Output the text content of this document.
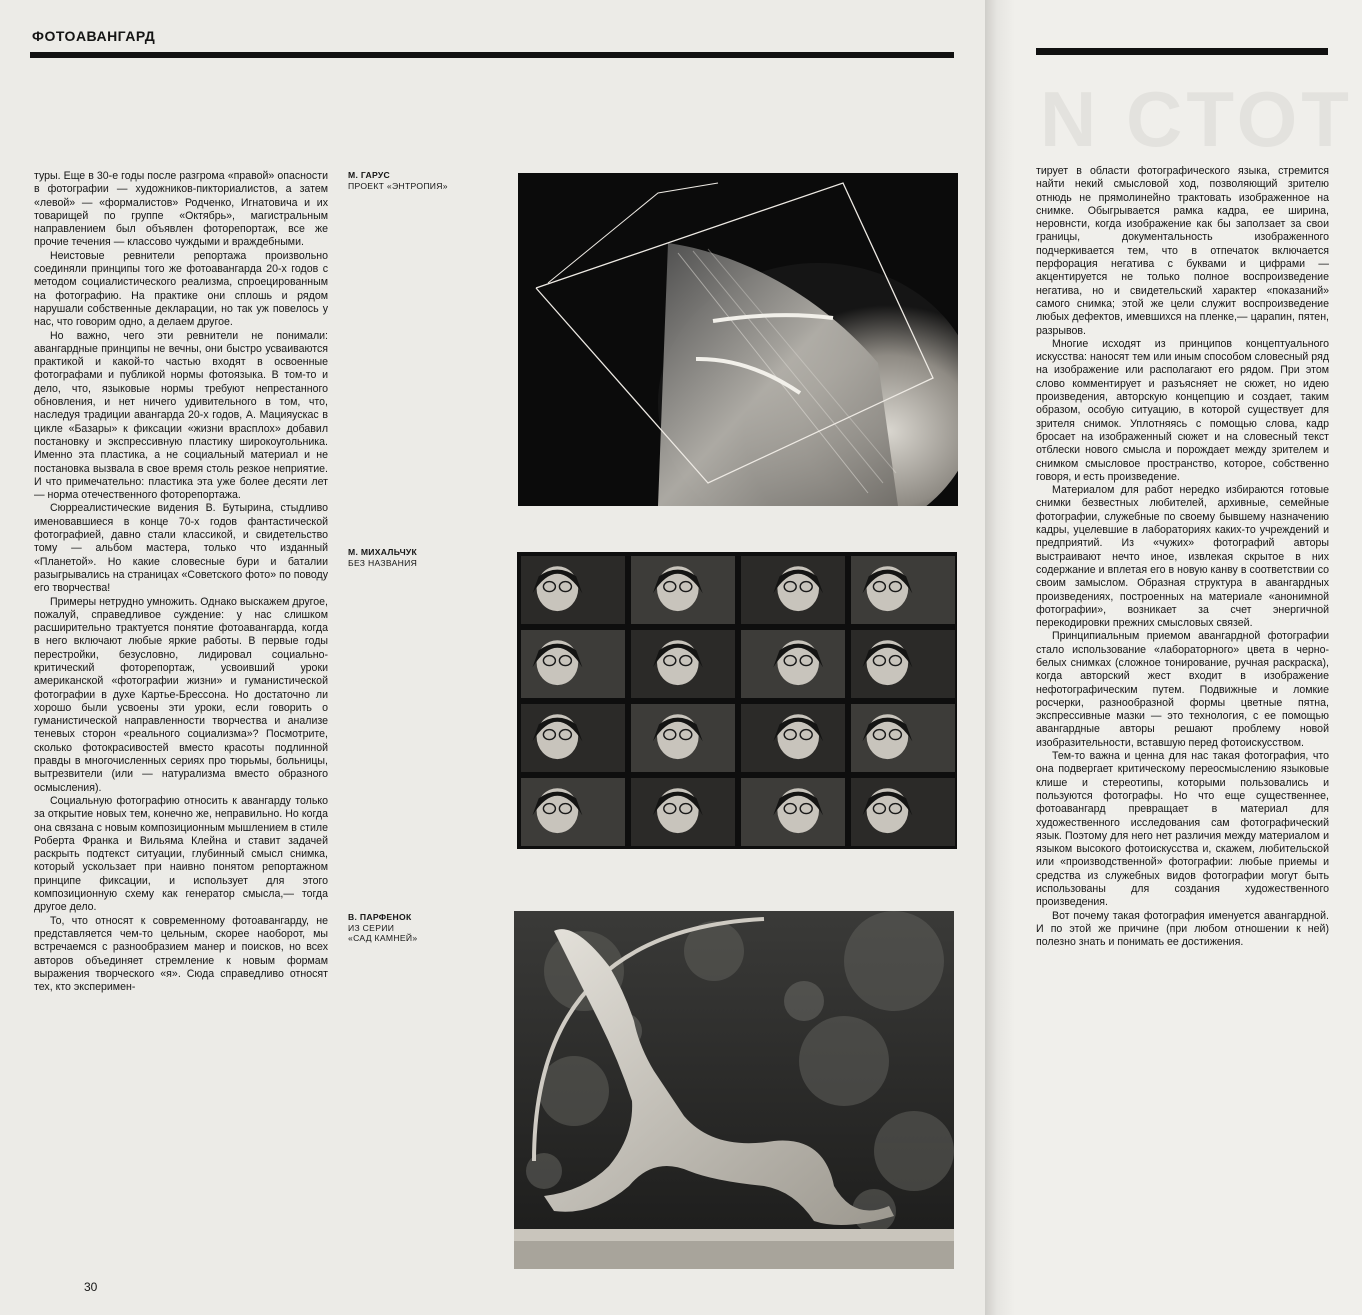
ФОТОАВАНГАРД
N CTOT

туры. Еще в 30-е годы после разгрома «правой» опасности в фотографии — художников-пикториалистов, а затем «левой» — «формалистов» Родченко, Игнатовича и их товарищей по группе «Октябрь», магистральным направлением был объявлен фоторепортаж, все же прочие течения — классово чуждыми и враждебными.

Неистовые ревнители репортажа произвольно соединяли принципы того же фотоавангарда 20-х годов с методом социалистического реализма, спроецированным на фотографию. На практике они сплошь и рядом нарушали собственные декларации, но так уж повелось у нас, что говорим одно, а делаем другое.

Но важно, чего эти ревнители не понимали: авангардные принципы не вечны, они быстро усваиваются практикой и какой-то частью входят в освоенные фотографами и публикой нормы фотоязыка. В том-то и дело, что, языковые нормы требуют непрестанного обновления, и нет ничего удивительного в том, что, наследуя традиции авангарда 20-х годов, А. Мацияускас в цикле «Базары» к фиксации «жизни врасплох» добавил постановку и экспрессивную пластику широкоугольника. Именно эта пластика, а не социальный материал и не постановка вызвала в свое время столь резкое неприятие. И что примечательно: пластика эта уже более десяти лет — норма отечественного фоторепортажа.

Сюрреалистические видения В. Бутырина, стыдливо именовавшиеся в конце 70-х годов фантастической фотографией, давно стали классикой, и свидетельство тому — альбом мастера, только что изданный «Планетой». Но какие словесные бури и баталии разыгрывались на страницах «Советского фото» по поводу его творчества!

Примеры нетрудно умножить. Однако выскажем другое, пожалуй, справедливое суждение: у нас слишком расширительно трактуется понятие фотоавангарда, когда в него включают любые яркие работы. В первые годы перестройки, безусловно, лидировал социально-критический фоторепортаж, усвоивший уроки американской «фотографии жизни» и гуманистической фотографии в духе Картье-Брессона. Но достаточно ли хорошо были усвоены эти уроки, если говорить о гуманистической направленности творчества и анализе теневых сторон «реального социализма»? Посмотрите, сколько фотокрасивостей вместо красоты подлинной правды в многочисленных сериях про тюрьмы, больницы, вытрезвители (или — натурализма вместо образного осмысления).

Социальную фотографию относить к авангарду только за открытие новых тем, конечно же, неправильно. Но когда она связана с новым композиционным мышлением в стиле Роберта Франка и Вильяма Клейна и ставит задачей раскрыть подтекст ситуации, глубинный смысл снимка, который ускользает при наивно понятом репортажном принципе фиксации, и использует для этого композиционную схему как генератор смысла,— тогда другое дело.

То, что относят к современному фотоавангарду, не представляется чем-то цельным, скорее наоборот, мы встречаемся с разнообразием манер и поисков, но всех авторов объединяет стремление к новым формам выражения творческого «я». Сюда справедливо относят тех, кто эксперимен-

М. ГАРУС
ПРОЕКТ «ЭНТРОПИЯ»
М. МИХАЛЬЧУК
БЕЗ НАЗВАНИЯ
В. ПАРФЕНОК
ИЗ СЕРИИ
«САД КАМНЕЙ»

тирует в области фотографического языка, стремится найти некий смысловой ход, позволяющий зрителю отнюдь не прямолинейно трактовать изображенное на снимке. Обыгрывается рамка кадра, ее ширина, неровнсти, когда изображение как бы заползает за свои границы, документальность изображенного подчеркивается тем, что в отпечаток включается перфорация негатива с буквами и цифрами — акцентируется не только полное воспроизведение негатива, но и свидетельский характер «показаний» самого снимка; этой же цели служит воспроизведение любых дефектов, имевшихся на пленке,— царапин, пятен, разрывов.

Многие исходят из принципов концептуального искусства: наносят тем или иным способом словесный ряд на изображение или располагают его рядом. При этом слово комментирует и разъясняет не сюжет, но идею произведения, авторскую концепцию и создает, таким образом, особую ситуацию, в которой существует для зрителя снимок. Уплотняясь с помощью слова, кадр бросает на изображенный сюжет и на словесный текст отблески нового смысла и порождает между зрителем и снимком смысловое пространство, которое, собственно говоря, и есть произведение.

Материалом для работ нередко избираются готовые снимки безвестных любителей, архивные, семейные фотографии, служебные по своему бывшему назначению кадры, уцелевшие в лабораториях каких-то учреждений и предприятий. Из «чужих» фотографий авторы выстраивают нечто иное, извлекая скрытое в них содержание и вплетая его в новую канву в соответствии со своим замыслом. Образная структура в авангардных произведениях, построенных на материале «анонимной фотографии», возникает за счет энергичной перекодировки прежних смысловых связей.

Принципиальным приемом авангардной фотографии стало использование «лабораторного» цвета в черно-белых снимках (сложное тонирование, ручная раскраска), когда авторский жест входит в изображение нефотографическим путем. Подвижные и ломкие росчерки, разнообразной формы цветные пятна, экспрессивные мазки — это технология, с ее помощью авангардные авторы решают проблему новой изобразительности, вставшую перед фотоискусством.

Тем-то важна и ценна для нас такая фотография, что она подвергает критическому переосмыслению языковые клише и стереотипы, которыми пользовались и пользуются фотографы. Но что еще существеннее, фотоавангард превращает в материал для художественного исследования сам фотографический язык. Поэтому для него нет различия между материалом и языком высокого фотоискусства и, скажем, любительской или «производственной» фотографии: любые приемы и средства из служебных видов фотографии могут быть использованы для создания художественного произведения.

Вот почему такая фотография именуется авангардной. И по этой же причине (при любом отношении к ней) полезно знать и понимать ее достижения.

30
